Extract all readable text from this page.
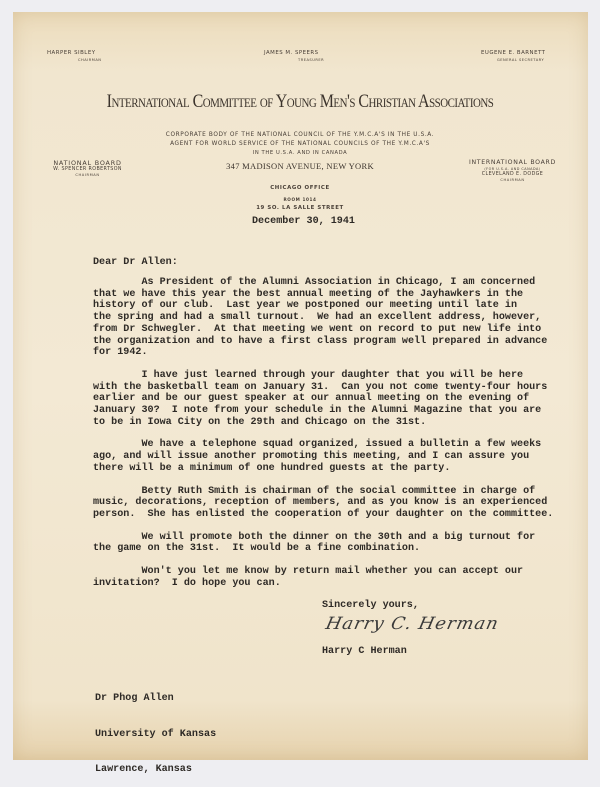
HARPER SIBLEY
CHAIRMAN
JAMES M. SPEERS
TREASURER
EUGENE E. BARNETT
GENERAL SECRETARY
International Committee of Young Men's Christian Associations
CORPORATE BODY OF THE NATIONAL COUNCIL OF THE Y.M.C.A'S IN THE U.S.A.
AGENT FOR WORLD SERVICE OF THE NATIONAL COUNCILS OF THE Y.M.C.A'S
IN THE U.S.A. AND IN CANADA
347 MADISON AVENUE, NEW YORK
NATIONAL BOARD
W. SPENCER ROBERTSON
CHAIRMAN
INTERNATIONAL BOARD
(FOR U.S.A. AND CANADA)
CLEVELAND E. DODGE
CHAIRMAN
CHICAGO OFFICE
ROOM 1014
19 SO. LA SALLE STREET
December 30, 1941
Dear Dr Allen:
As President of the Alumni Association in Chicago, I am concerned
that we have this year the best annual meeting of the Jayhawkers in the
history of our club.  Last year we postponed our meeting until late in
the spring and had a small turnout.  We had an excellent address, however,
from Dr Schwegler.  At that meeting we went on record to put new life into
the organization and to have a first class program well prepared in advance
for 1942.
I have just learned through your daughter that you will be here
with the basketball team on January 31.  Can you not come twenty-four hours
earlier and be our guest speaker at our annual meeting on the evening of
January 30?  I note from your schedule in the Alumni Magazine that you are
to be in Iowa City on the 29th and Chicago on the 31st.
We have a telephone squad organized, issued a bulletin a few weeks
ago, and will issue another promoting this meeting, and I can assure you
there will be a minimum of one hundred guests at the party.
Betty Ruth Smith is chairman of the social committee in charge of
music, decorations, reception of members, and as you know is an experienced
person.  She has enlisted the cooperation of your daughter on the committee.
We will promote both the dinner on the 30th and a big turnout for
the game on the 31st.  It would be a fine combination.
Won't you let me know by return mail whether you can accept our
invitation?  I do hope you can.
Sincerely yours,
Harry C. Herman
Harry C Herman

Dr Phog Allen

University of Kansas

Lawrence, Kansas
